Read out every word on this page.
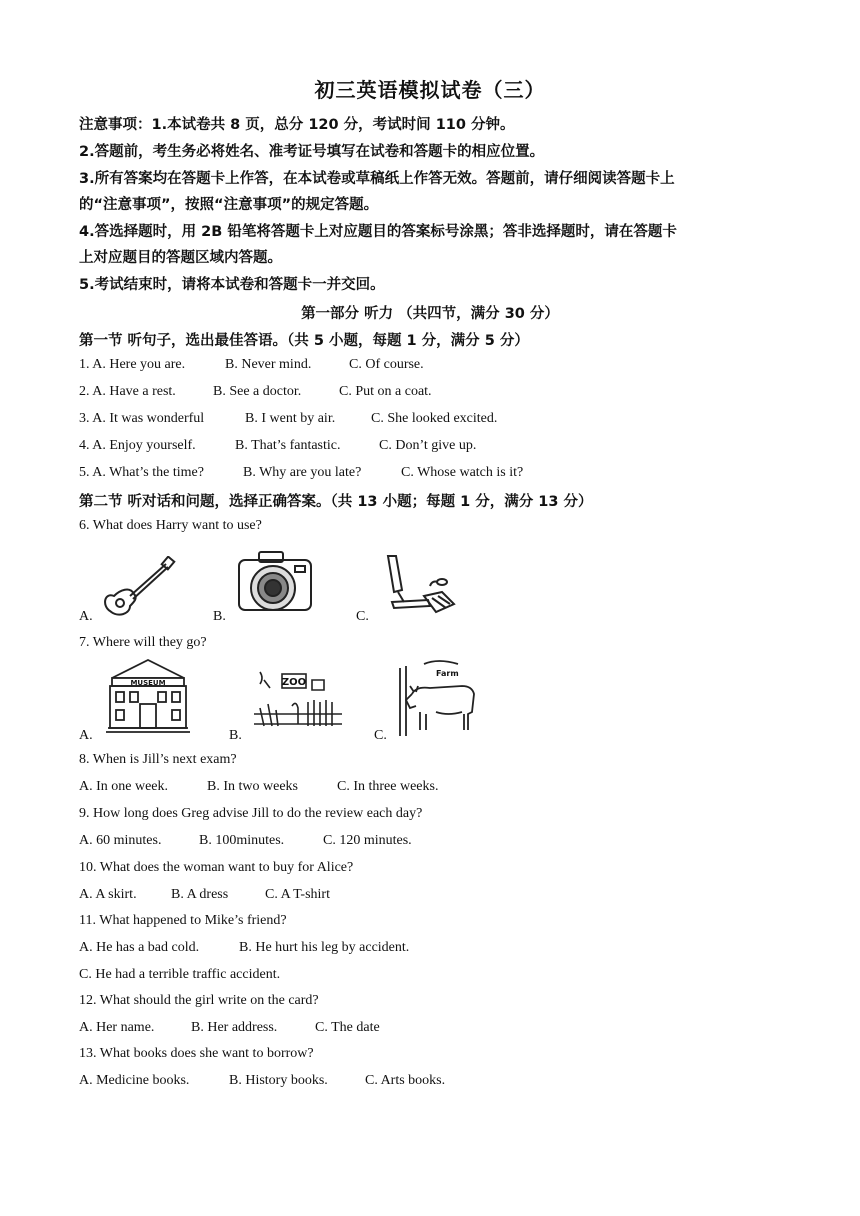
初三英语模拟试卷（三）
注意事项：1.本试卷共 8 页，总分 120 分，考试时间 110 分钟。
2.答题前，考生务必将姓名、准考证号填写在试卷和答题卡的相应位置。
3.所有答案均在答题卡上作答，在本试卷或草稿纸上作答无效。答题前，请仔细阅读答题卡上
的“注意事项”，按照“注意事项”的规定答题。
4.答选择题时，用 2B 铅笔将答题卡上对应题目的答案标号涂黑；答非选择题时，请在答题卡
上对应题目的答题区域内答题。
5.考试结束时，请将本试卷和答题卡一并交回。
第一部分 听力 （共四节，满分 30 分）
第一节 听句子，选出最佳答语。（共 5 小题，每题 1 分，满分 5 分）
1. A. Here you are.	B. Never mind.	C. Of course.
2. A. Have a rest.	B. See a doctor.	C. Put on a coat.
3. A. It was wonderful	B. I went by air.	C. She looked excited.
4. A. Enjoy yourself.	B. That’s fantastic.	C. Don’t give up.
5. A. What’s the time?	B. Why are you late?	C. Whose watch is it?
第二节 听对话和问题，选择正确答案。（共 13 小题；每题 1 分，满分 13 分）
6. What does Harry want to use?
A.	B.	C.
7. Where will they go?
A.
MUSEUM
B.
ZOO
C.
Farm
8. When is Jill’s next exam?
A. In one week.	B. In two weeks	C. In three weeks.
9. How long does Greg advise Jill to do the review each day?
A. 60 minutes.	B. 100minutes.	C. 120 minutes.
10. What does the woman want to buy for Alice?
A. A skirt. B. A dress	C. A T-shirt
11. What happened to Mike’s friend?
A. He has a bad cold.	B. He hurt his leg by accident.
C. He had a terrible traffic accident.
12. What should the girl write on the card?
A. Her name.	B. Her address.	C. The date
13. What books does she want to borrow?
A. Medicine books.	B. History books.	C. Arts books.
